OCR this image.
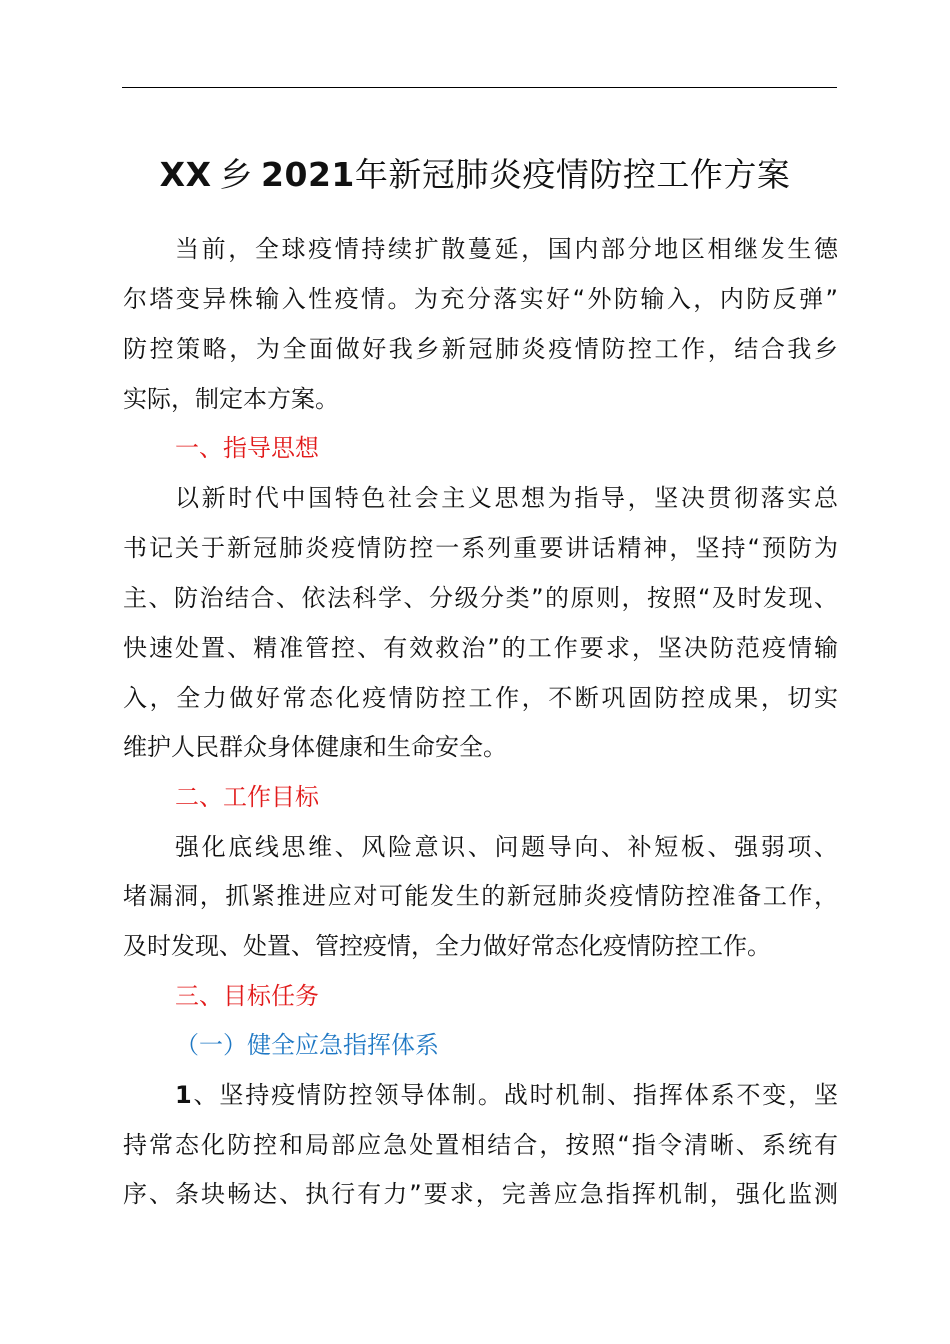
XX 乡 2021年新冠肺炎疫情防控工作方案
当前，全球疫情持续扩散蔓延，国内部分地区相继发生德
尔塔变异株输入性疫情。为充分落实好“外防输入，内防反弹”
防控策略，为全面做好我乡新冠肺炎疫情防控工作，结合我乡
实际，制定本方案。
一、指导思想
以新时代中国特色社会主义思想为指导，坚决贯彻落实总
书记关于新冠肺炎疫情防控一系列重要讲话精神，坚持“预防为
主、防治结合、依法科学、分级分类”的原则，按照“及时发现、
快速处置、精准管控、有效救治”的工作要求，坚决防范疫情输
入，全力做好常态化疫情防控工作，不断巩固防控成果，切实
维护人民群众身体健康和生命安全。
二、工作目标
强化底线思维、风险意识、问题导向、补短板、强弱项、
堵漏洞，抓紧推进应对可能发生的新冠肺炎疫情防控准备工作，
及时发现、处置、管控疫情，全力做好常态化疫情防控工作。
三、目标任务
（一）健全应急指挥体系
1、坚持疫情防控领导体制。战时机制、指挥体系不变，坚
持常态化防控和局部应急处置相结合，按照“指令清晰、系统有
序、条块畅达、执行有力”要求，完善应急指挥机制，强化监测
